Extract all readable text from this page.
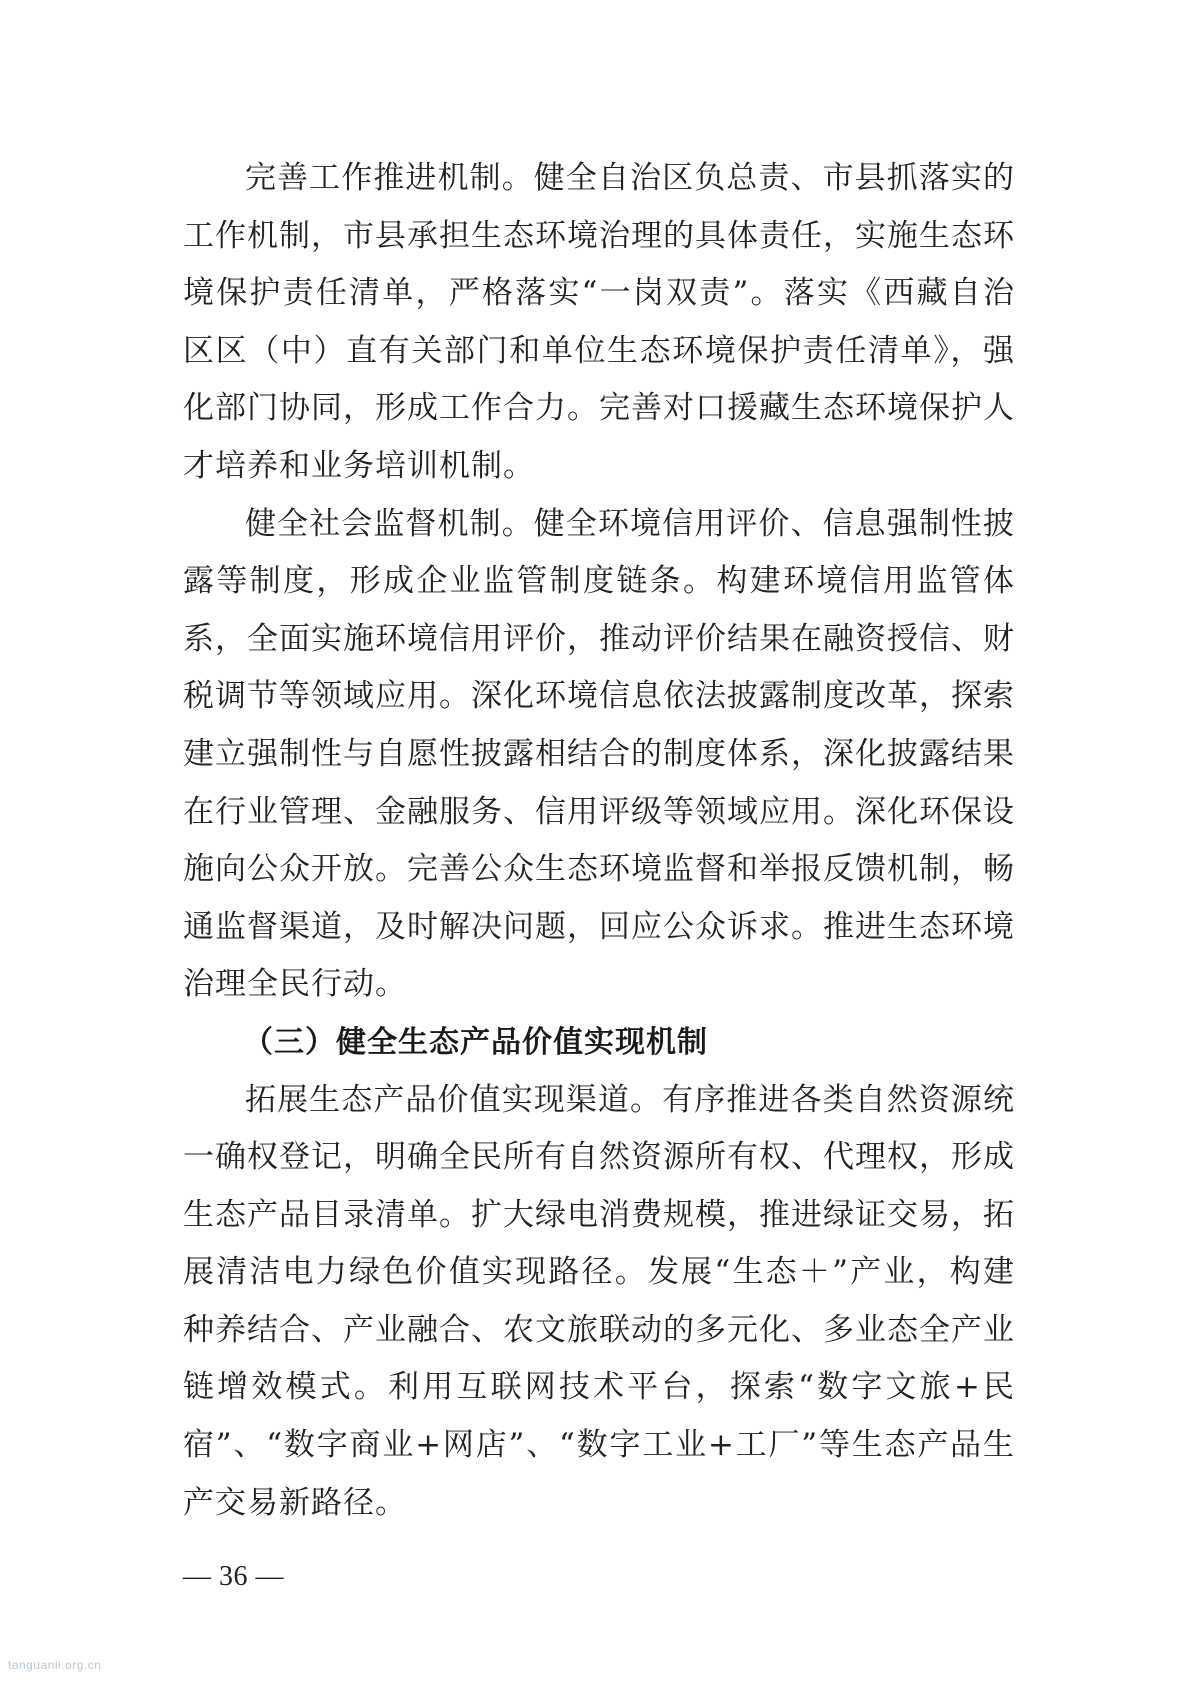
完善工作推进机制。健全自治区负总责、市县抓落实的工作机制，市县承担生态环境治理的具体责任，实施生态环境保护责任清单，严格落实“一岗双责”。落实《西藏自治区区（中）直有关部门和单位生态环境保护责任清单》，强化部门协同，形成工作合力。完善对口援藏生态环境保护人才培养和业务培训机制。

健全社会监督机制。健全环境信用评价、信息强制性披露等制度，形成企业监管制度链条。构建环境信用监管体系，全面实施环境信用评价，推动评价结果在融资授信、财税调节等领域应用。深化环境信息依法披露制度改革，探索建立强制性与自愿性披露相结合的制度体系，深化披露结果在行业管理、金融服务、信用评级等领域应用。深化环保设施向公众开放。完善公众生态环境监督和举报反馈机制，畅通监督渠道，及时解决问题，回应公众诉求。推进生态环境治理全民行动。

（三）健全生态产品价值实现机制

拓展生态产品价值实现渠道。有序推进各类自然资源统一确权登记，明确全民所有自然资源所有权、代理权，形成生态产品目录清单。扩大绿电消费规模，推进绿证交易，拓展清洁电力绿色价值实现路径。发展“生态＋”产业，构建种养结合、产业融合、农文旅联动的多元化、多业态全产业链增效模式。利用互联网技术平台，探索“数字文旅+民宿”、“数字商业+网店”、“数字工业+工厂”等生态产品生产交易新路径。

— 36 —
tanguanli.org.cn
